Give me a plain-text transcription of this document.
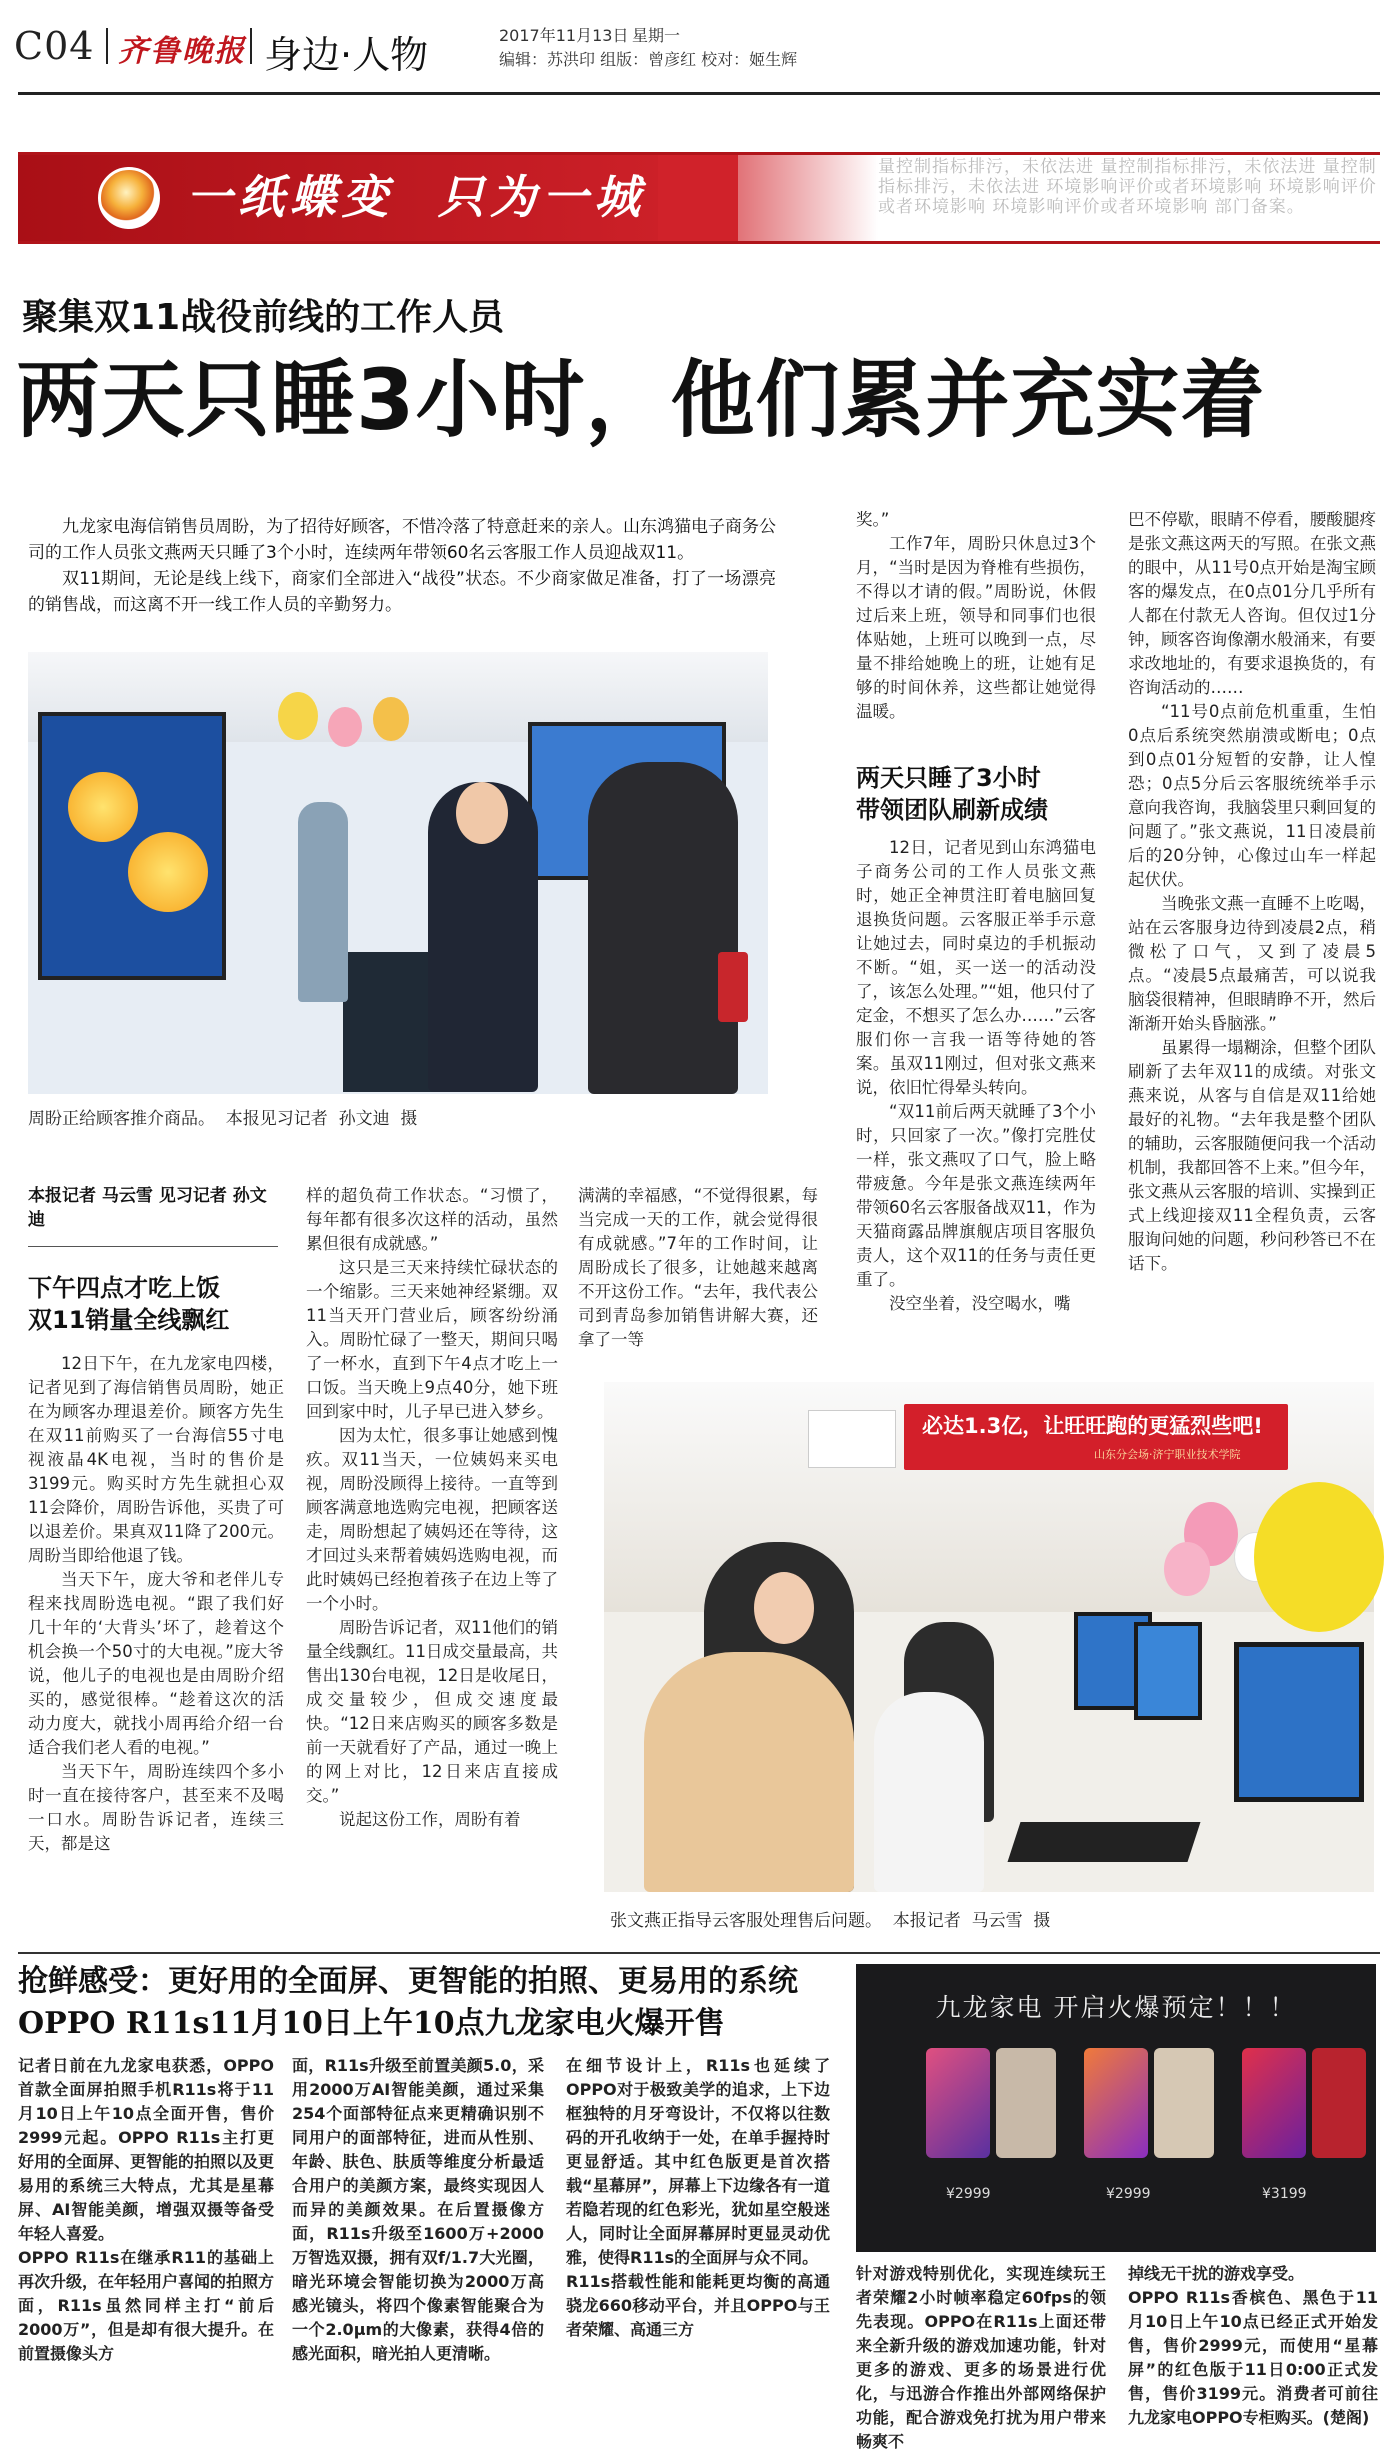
C04 齐鲁晚报 身边·人物	2017年11月13日 星期一
编辑：苏洪印 组版：曾彦红 校对：姬生辉
量控制指标排污，未依法进 量控制指标排污，未依法进 量控制指标排污，未依法进 环境影响评价或者环境影响 环境影响评价或者环境影响 环境影响评价或者环境影响 部门备案。
一纸蝶变  只为一城
聚集双11战役前线的工作人员
两天只睡3小时，他们累并充实着

九龙家电海信销售员周盼，为了招待好顾客，不惜冷落了特意赶来的亲人。山东鸿猫电子商务公司的工作人员张文燕两天只睡了3个小时，连续两年带领60名云客服工作人员迎战双11。

双11期间，无论是线上线下，商家们全部进入“战役”状态。不少商家做足准备，打了一场漂亮的销售战，而这离不开一线工作人员的辛勤努力。

周盼正给顾客推介商品。  本报见习记者  孙文迪  摄
本报记者 马云雪 见习记者 孙文迪
下午四点才吃上饭
双11销量全线飘红

12日下午，在九龙家电四楼，记者见到了海信销售员周盼，她正在为顾客办理退差价。顾客方先生在双11前购买了一台海信55寸电视液晶4K电视，当时的售价是3199元。购买时方先生就担心双11会降价，周盼告诉他，买贵了可以退差价。果真双11降了200元。周盼当即给他退了钱。

当天下午，庞大爷和老伴儿专程来找周盼选电视。“跟了我们好几十年的‘大背头’坏了，趁着这个机会换一个50寸的大电视。”庞大爷说，他儿子的电视也是由周盼介绍买的，感觉很棒。“趁着这次的活动力度大，就找小周再给介绍一台适合我们老人看的电视。”

当天下午，周盼连续四个多小时一直在接待客户，甚至来不及喝一口水。周盼告诉记者，连续三天，都是这

样的超负荷工作状态。“习惯了，每年都有很多次这样的活动，虽然累但很有成就感。”

这只是三天来持续忙碌状态的一个缩影。三天来她神经紧绷。双11当天开门营业后，顾客纷纷涌入。周盼忙碌了一整天，期间只喝了一杯水，直到下午4点才吃上一口饭。当天晚上9点40分，她下班回到家中时，儿子早已进入梦乡。

因为太忙，很多事让她感到愧疚。双11当天，一位姨妈来买电视，周盼没顾得上接待。一直等到顾客满意地选购完电视，把顾客送走，周盼想起了姨妈还在等待，这才回过头来帮着姨妈选购电视，而此时姨妈已经抱着孩子在边上等了一个小时。

周盼告诉记者，双11他们的销量全线飘红。11日成交量最高，共售出130台电视，12日是收尾日，成交量较少，但成交速度最快。“12日来店购买的顾客多数是前一天就看好了产品，通过一晚上的网上对比，12日来店直接成交。”

说起这份工作，周盼有着

满满的幸福感，“不觉得很累，每当完成一天的工作，就会觉得很有成就感。”7年的工作时间，让周盼成长了很多，让她越来越离不开这份工作。“去年，我代表公司到青岛参加销售讲解大赛，还拿了一等

奖。”

工作7年，周盼只休息过3个月，“当时是因为脊椎有些损伤，不得以才请的假。”周盼说，休假过后来上班，领导和同事们也很体贴她，上班可以晚到一点，尽量不排给她晚上的班，让她有足够的时间休养，这些都让她觉得温暖。

两天只睡了3小时
带领团队刷新成绩

12日，记者见到山东鸿猫电子商务公司的工作人员张文燕时，她正全神贯注盯着电脑回复退换货问题。云客服正举手示意让她过去，同时桌边的手机振动不断。“姐，买一送一的活动没了，该怎么处理。”“姐，他只付了定金，不想买了怎么办……”云客服们你一言我一语等待她的答案。虽双11刚过，但对张文燕来说，依旧忙得晕头转向。

“双11前后两天就睡了3个小时，只回家了一次。”像打完胜仗一样，张文燕叹了口气，脸上略带疲惫。今年是张文燕连续两年带领60名云客服备战双11，作为天猫商露品牌旗舰店项目客服负责人，这个双11的任务与责任更重了。

没空坐着，没空喝水，嘴

巴不停歇，眼睛不停看，腰酸腿疼是张文燕这两天的写照。在张文燕的眼中，从11号0点开始是淘宝顾客的爆发点，在0点01分几乎所有人都在付款无人咨询。但仅过1分钟，顾客咨询像潮水般涌来，有要求改地址的，有要求退换货的，有咨询活动的……

“11号0点前危机重重，生怕0点后系统突然崩溃或断电；0点到0点01分短暂的安静，让人惶恐；0点5分后云客服统统举手示意向我咨询，我脑袋里只剩回复的问题了。”张文燕说，11日凌晨前后的20分钟，心像过山车一样起起伏伏。

当晚张文燕一直睡不上吃喝，站在云客服身边待到凌晨2点，稍微松了口气，又到了凌晨5点。“凌晨5点最痛苦，可以说我脑袋很精神，但眼睛睁不开，然后渐渐开始头昏脑涨。”

虽累得一塌糊涂，但整个团队刷新了去年双11的成绩。对张文燕来说，从客与自信是双11给她最好的礼物。“去年我是整个团队的辅助，云客服随便问我一个活动机制，我都回答不上来。”但今年，张文燕从云客服的培训、实操到正式上线迎接双11全程负责，云客服询问她的问题，秒问秒答已不在话下。

必达1.3亿，让旺旺跑的更猛烈些吧!
山东分会场·济宁职业技术学院
张文燕正指导云客服处理售后问题。  本报记者  马云雪  摄
抢鲜感受：更好用的全面屏、更智能的拍照、更易用的系统
OPPO R11s11月10日上午10点九龙家电火爆开售	九龙家电 开启火爆预定！！！
¥2999	¥2999	¥3199
记者日前在九龙家电获悉，OPPO首款全面屏拍照手机R11s将于11月10日上午10点全面开售，售价2999元起。OPPO R11s主打更好用的全面屏、更智能的拍照以及更易用的系统三大特点，尤其是星幕屏、AI智能美颜，增强双摄等备受年轻人喜爱。
OPPO R11s在继承R11的基础上再次升级，在年轻用户喜闻的拍照方面，R11s虽然同样主打“前后2000万”，但是却有很大提升。在前置摄像头方
面，R11s升级至前置美颜5.0，采用2000万AI智能美颜，通过采集254个面部特征点来更精确识别不同用户的面部特征，进而从性别、年龄、肤色、肤质等维度分析最适合用户的美颜方案，最终实现因人而异的美颜效果。在后置摄像方面，R11s升级至1600万+2000万智选双摄，拥有双f/1.7大光圈，暗光环境会智能切换为2000万高感光镜头，将四个像素智能聚合为一个2.0μm的大像素，获得4倍的感光面积，暗光拍人更清晰。
在细节设计上，R11s也延续了OPPO对于极致美学的追求，上下边框独特的月牙弯设计，不仅将以往数码的开孔收纳于一处，在单手握持时更显舒适。其中红色版更是首次搭载“星幕屏”，屏幕上下边缘各有一道若隐若现的红色彩光，犹如星空般迷人，同时让全面屏幕屏时更显灵动优雅，使得R11s的全面屏与众不同。
R11s搭载性能和能耗更均衡的高通骁龙660移动平台，并且OPPO与王者荣耀、高通三方
针对游戏特别优化，实现连续玩王者荣耀2小时帧率稳定60fps的领先表现。OPPO在R11s上面还带来全新升级的游戏加速功能，针对更多的游戏、更多的场景进行优化，与迅游合作推出外部网络保护功能，配合游戏免打扰为用户带来畅爽不
掉线无干扰的游戏享受。
OPPO R11s香槟色、黑色于11月10日上午10点已经正式开始发售，售价2999元，而使用“星幕屏”的红色版于11日0:00正式发售，售价3199元。消费者可前往九龙家电OPPO专柜购买。(楚阁)
